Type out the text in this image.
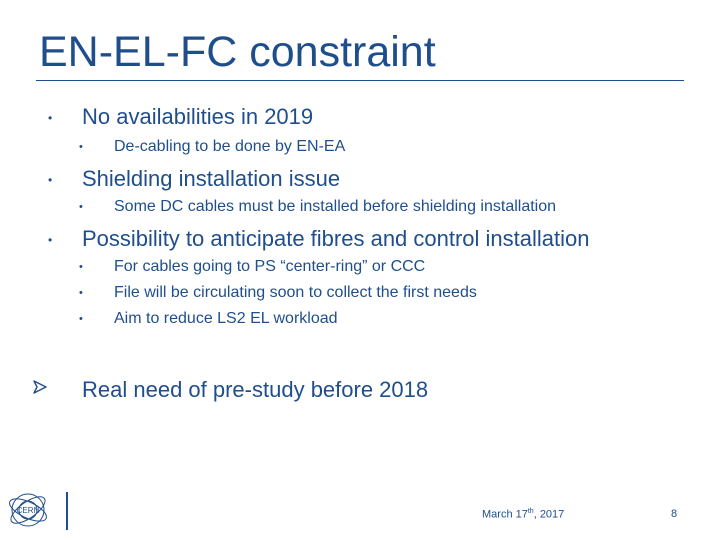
EN-EL-FC constraint
• No availabilities in 2019
• De-cabling to be done by EN-EA
• Shielding installation issue
• Some DC cables must be installed before shielding installation
• Possibility to anticipate fibres and control installation
• For cables going to PS “center-ring” or CCC
• File will be circulating soon to collect the first needs
• Aim to reduce LS2 EL workload
Real need of pre-study before 2018
CERN	March 17th, 2017	8
